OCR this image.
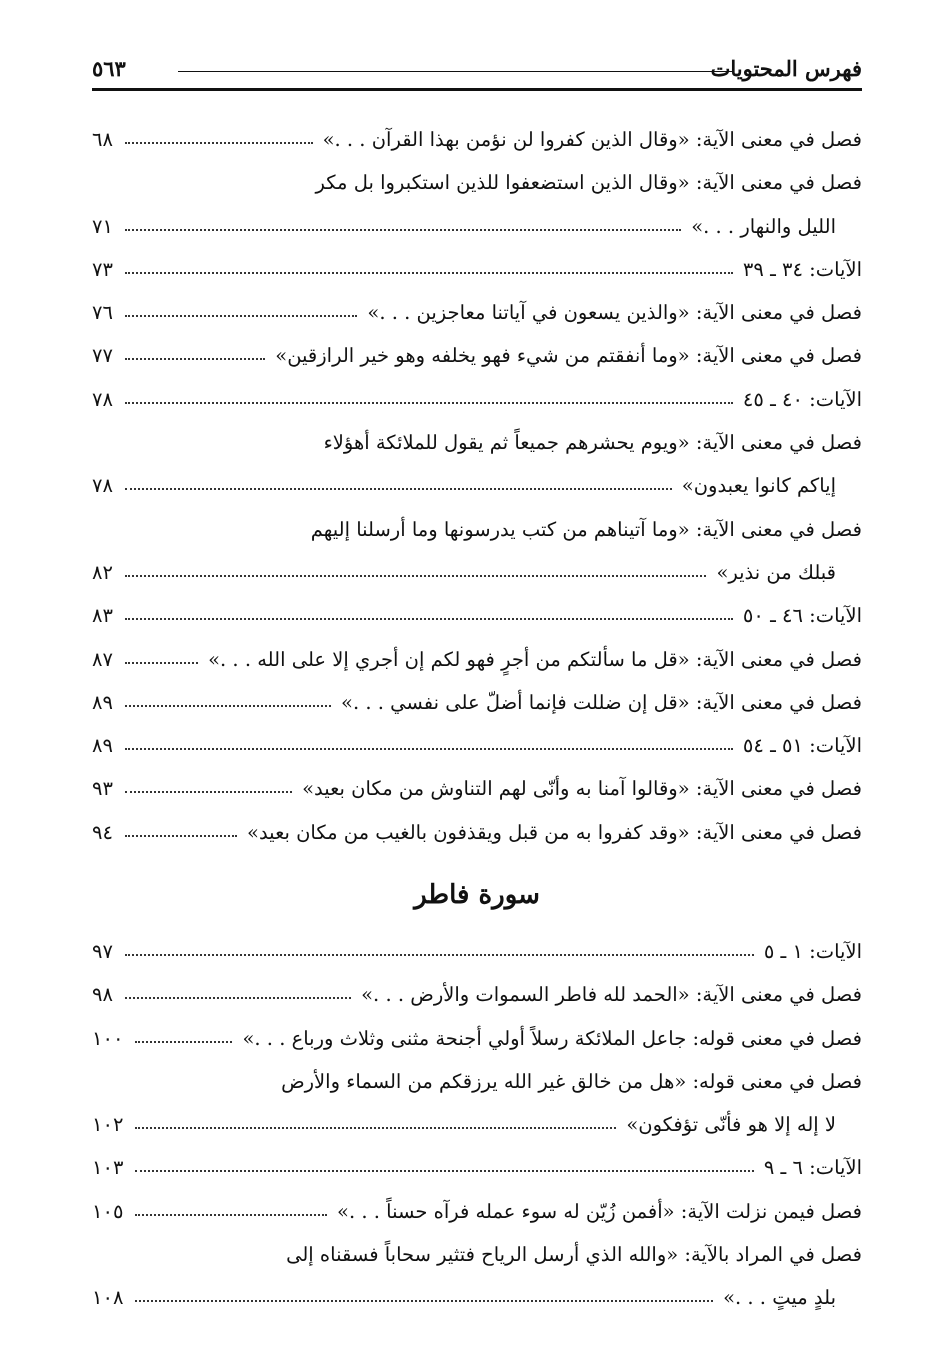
فهرس المحتويات
٥٦٣
فصل في معنى الآية: «وقال الذين كفروا لن نؤمن بهذا القرآن . . .»
٦٨
فصل في معنى الآية: «وقال الذين استضعفوا للذين استكبروا بل مكر
الليل والنهار . . .»
٧١
الآيات: ٣٤ ـ ٣٩
٧٣
فصل في معنى الآية: «والذين يسعون في آياتنا معاجزين . . .»
٧٦
فصل في معنى الآية: «وما أنفقتم من شيء فهو يخلفه وهو خير الرازقين»
٧٧
الآيات: ٤٠ ـ ٤٥
٧٨
فصل في معنى الآية: «ويوم يحشرهم جميعاً ثم يقول للملائكة أهؤلاء
إياكم كانوا يعبدون»
٧٨
فصل في معنى الآية: «وما آتيناهم من كتب يدرسونها وما أرسلنا إليهم
قبلك من نذير»
٨٢
الآيات: ٤٦ ـ ٥٠
٨٣
فصل في معنى الآية: «قل ما سألتكم من أجرٍ فهو لكم إن أجري إلا على الله . . .»
٨٧
فصل في معنى الآية: «قل إن ضللت فإنما أضلّ على نفسي . . .»
٨٩
الآيات: ٥١ ـ ٥٤
٨٩
فصل في معنى الآية: «وقالوا آمنا به وأنّى لهم التناوش من مكان بعيد»
٩٣
فصل في معنى الآية: «وقد كفروا به من قبل ويقذفون بالغيب من مكان بعيد»
٩٤
سورة فاطر
الآيات: ١ ـ ٥
٩٧
فصل في معنى الآية: «الحمد لله فاطر السموات والأرض . . .»
٩٨
فصل في معنى قوله: جاعل الملائكة رسلاً أولي أجنحة مثنى وثلاث ورباع . . .»
١٠٠
فصل في معنى قوله: «هل من خالق غير الله يرزقكم من السماء والأرض
لا إله إلا هو فأنّى تؤفكون»
١٠٢
الآيات: ٦ ـ ٩
١٠٣
فصل فيمن نزلت الآية: «أفمن زُيّن له سوء عمله فرآه حسناً . . .»
١٠٥
فصل في المراد بالآية: «والله الذي أرسل الرياح فتثير سحاباً فسقناه إلى
بلدٍ ميتٍ . . .»
١٠٨
